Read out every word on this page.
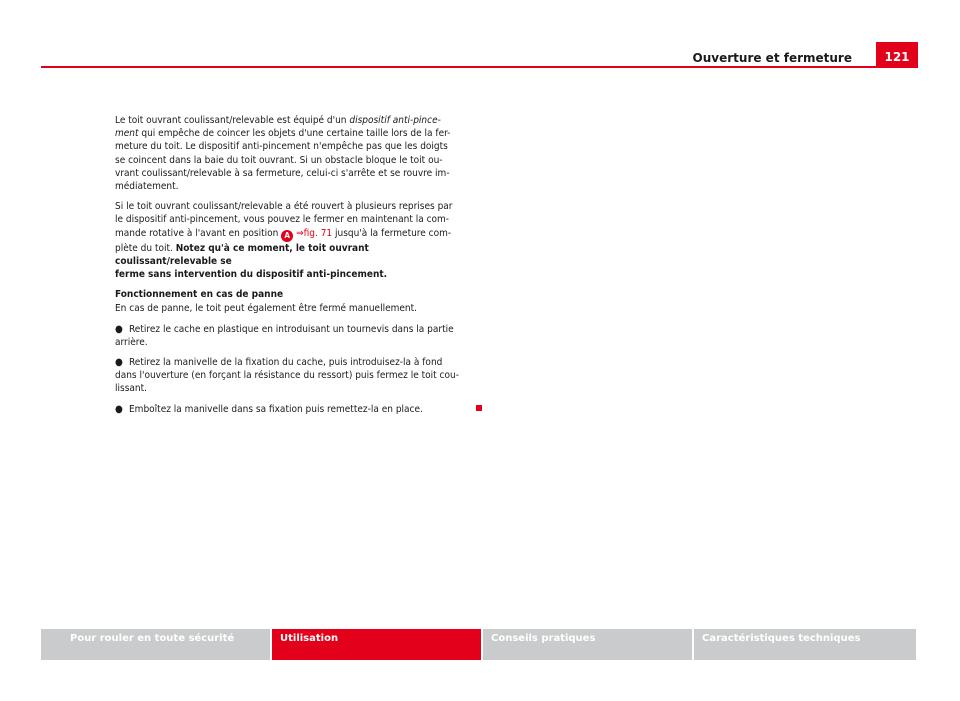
Ouverture et fermeture	121

Le toit ouvrant coulissant/relevable est équipé d'un dispositif anti-pince-
ment qui empêche de coincer les objets d'une certaine taille lors de la fer-
meture du toit. Le dispositif anti-pincement n'empêche pas que les doigts
se coincent dans la baie du toit ouvrant. Si un obstacle bloque le toit ou-
vrant coulissant/relevable à sa fermeture, celui-ci s'arrête et se rouvre im-
médiatement.

Si le toit ouvrant coulissant/relevable a été rouvert à plusieurs reprises par
le dispositif anti-pincement, vous pouvez le fermer en maintenant la com-
mande rotative à l'avant en position A ⇒fig. 71 jusqu'à la fermeture com-
plète du toit. Notez qu'à ce moment, le toit ouvrant coulissant/relevable se
ferme sans intervention du dispositif anti-pincement.

Fonctionnement en cas de panne

En cas de panne, le toit peut également être fermé manuellement.

● Retirez le cache en plastique en introduisant un tournevis dans la partie
arrière.

● Retirez la manivelle de la fixation du cache, puis introduisez-la à fond
dans l'ouverture (en forçant la résistance du ressort) puis fermez le toit cou-
lissant.

● Emboîtez la manivelle dans sa fixation puis remettez-la en place.

Pour rouler en toute sécurité	Utilisation	Conseils pratiques	Caractéristiques techniques
